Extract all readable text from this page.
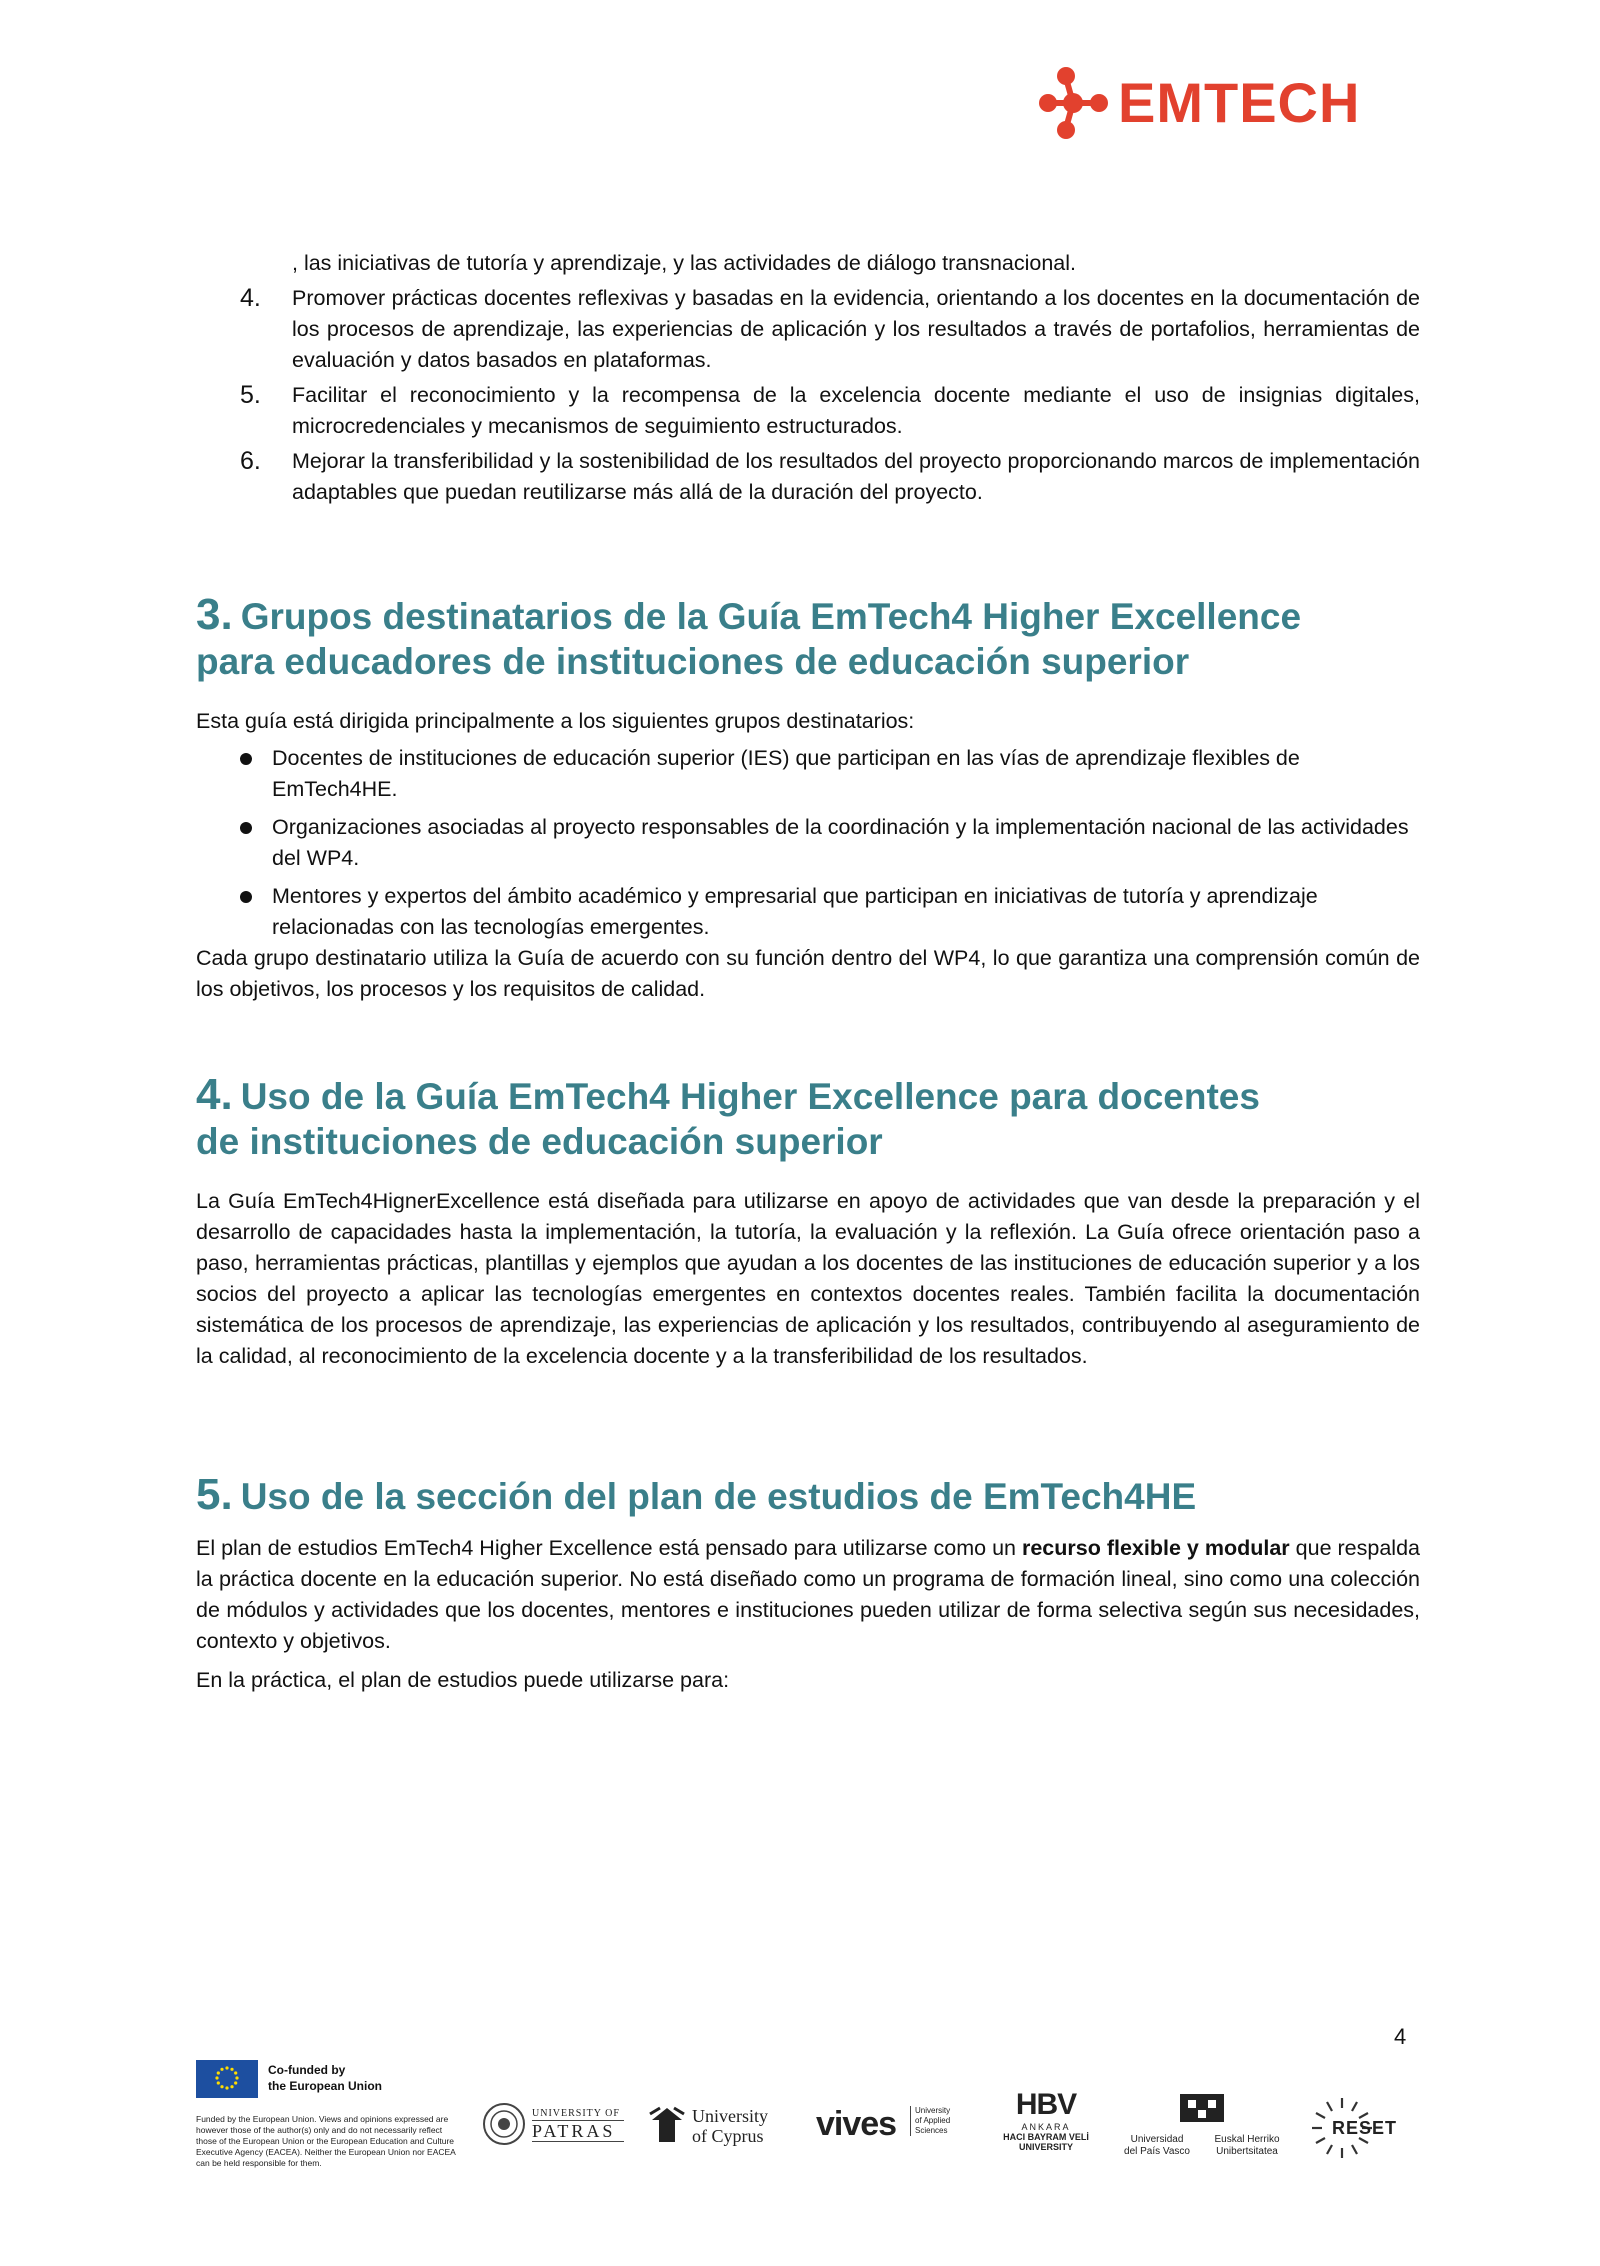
EMTECH
, las iniciativas de tutoría y aprendizaje, y las actividades de diálogo transnacional.
4.	Promover prácticas docentes reflexivas y basadas en la evidencia, orientando a los docentes en la documentación de los procesos de aprendizaje, las experiencias de aplicación y los resultados a través de portafolios, herramientas de evaluación y datos basados en plataformas.
5.	Facilitar el reconocimiento y la recompensa de la excelencia docente mediante el uso de insignias digitales, microcredenciales y mecanismos de seguimiento estructurados.
6.	Mejorar la transferibilidad y la sostenibilidad de los resultados del proyecto proporcionando marcos de implementación adaptables que puedan reutilizarse más allá de la duración del proyecto.
3. Grupos destinatarios de la Guía EmTech4 Higher Excellence
para educadores de instituciones de educación superior

Esta guía está dirigida principalmente a los siguientes grupos destinatarios:

Docentes de instituciones de educación superior (IES) que participan en las vías de aprendizaje flexibles de EmTech4HE.
Organizaciones asociadas al proyecto responsables de la coordinación y la implementación nacional de las actividades del WP4.
Mentores y expertos del ámbito académico y empresarial que participan en iniciativas de tutoría y aprendizaje relacionadas con las tecnologías emergentes.

Cada grupo destinatario utiliza la Guía de acuerdo con su función dentro del WP4, lo que garantiza una comprensión común de los objetivos, los procesos y los requisitos de calidad.

4. Uso de la Guía EmTech4 Higher Excellence para docentes
de instituciones de educación superior

La Guía EmTech4HignerExcellence está diseñada para utilizarse en apoyo de actividades que van desde la preparación y el desarrollo de capacidades hasta la implementación, la tutoría, la evaluación y la reflexión. La Guía ofrece orientación paso a paso, herramientas prácticas, plantillas y ejemplos que ayudan a los docentes de las instituciones de educación superior y a los socios del proyecto a aplicar las tecnologías emergentes en contextos docentes reales. También facilita la documentación sistemática de los procesos de aprendizaje, las experiencias de aplicación y los resultados, contribuyendo al aseguramiento de la calidad, al reconocimiento de la excelencia docente y a la transferibilidad de los resultados.

5. Uso de la sección del plan de estudios de EmTech4HE

El plan de estudios EmTech4 Higher Excellence está pensado para utilizarse como un recurso flexible y modular que respalda la práctica docente en la educación superior. No está diseñado como un programa de formación lineal, sino como una colección de módulos y actividades que los docentes, mentores e instituciones pueden utilizar de forma selectiva según sus necesidades, contexto y objetivos.

En la práctica, el plan de estudios puede utilizarse para:

4
Co-funded by
the European Union
Funded by the European Union. Views and opinions expressed are however those of the author(s) only and do not necessarily reflect those of the European Union or the European Education and Culture Executive Agency (EACEA). Neither the European Union nor EACEA can be held responsible for them.
UNIVERSITY OF
PATRAS
University
of Cyprus	vives University
of Applied
Sciences
HBV
ANKARA
HACI BAYRAM VELİ
UNIVERSITY
Universidad
del País Vasco
Euskal Herriko
Unibertsitatea
RESET
